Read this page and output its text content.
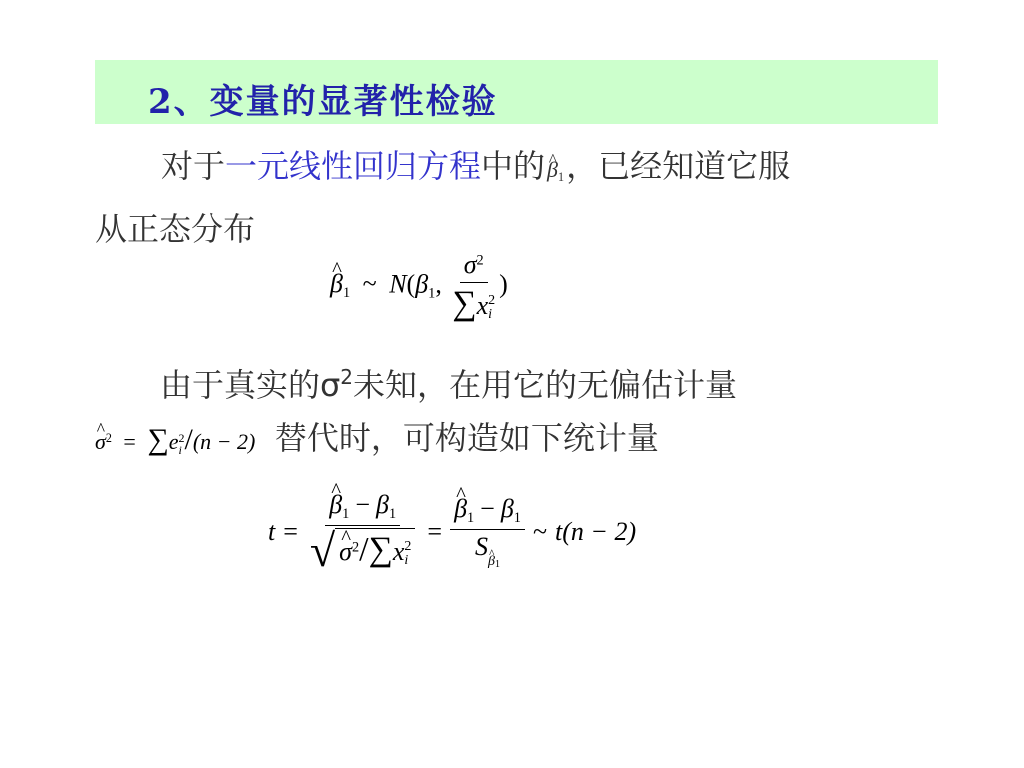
2、变量的显著性检验
对于一元线性回归方程中的^ $\beta_1$，已经知道它服
从正态分布
^ $\beta_1$ ~ $N(\beta_1$, $\sigma^2$
∑x 2
i )
由于真实的$\sigma^2$未知，在用它的无偏估计量
^ $\sigma^2 = \sum e$ 2
i /(n − 2) 替代时，可构造如下统计量
t = ^ $\beta_1 - \beta_1$
√ ^ $\sigma^2/\sum x$ 2
i = ^ $\frac{\beta_1 - \beta_1}{S\^{} \beta_1}$ ~ t(n − 2)
